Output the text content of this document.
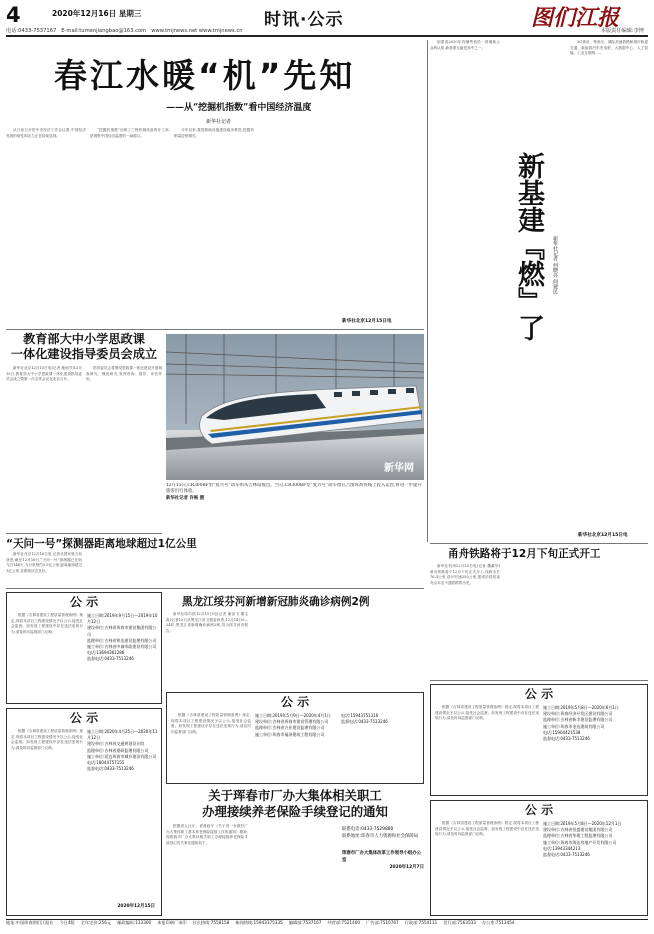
4	2020年12月16日 星期三	时讯·公示	图们江报
电话:0433-7537167 E-mail:tumenjiangbao@163.com www.tmjnews.net www.tmjnews.cn	本版责任编辑:李博
春江水暖“机”先知
——从“挖掘机指数”看中国经济温度
新华社记者
从日前召开的中央经济工作会议看,中国经济发展的韧性和活力正在持续显现。
“挖掘机指数”反映了工程机械设备的开工率,是观察中国经济温度的一扇窗口。
今年以来,我国基础设施建设稳步推进,挖掘机销量逆势增长。
新华社北京12月15日电
如果说2020年有哪些词语一再刷新公众的认知,新基建无疑是其中之一。
5G基站、特高压、城际高速铁路和城市轨道交通、新能源汽车充电桩、大数据中心、人工智能、工业互联网……
新基建『燃』了	新华社记者 何晓亮 何建民
新华社北京12月15日电
教育部大中小学思政课
一体化建设指导委员会成立
新华社北京12月15日电(记者 施雨岑)12月15日,教育部大中小学思政课一体化建设指导委员会成立暨第一次全体会议在北京召开。
指导委员会将围绕思政课一体化建设开展调查研究、理论研究,发挥咨询、指导、评估作用。
“天问一号”探测器距离地球超过1亿公里
新华社北京12月16日电 记者从国家航天局获悉,截至12月16日,“天问一号”探测器已在轨飞行146天,飞行里程约3.5亿公里,距离地球超过1亿公里,各系统状态良好。
新华网
12月15日,CR300BF型“复兴号”动车组从吉林站驶出。当日,CR300BF型“复兴号”动车组在吉图珲高铁线上投入运营,将进一步提升旅客出行体验。
新华社记者 许畅 摄
黑龙江绥芬河新增新冠肺炎确诊病例2例
新华社哈尔滨12月15日电(记者 谢剑飞 董宝森)记者15日从黑龙江省卫健委获悉,12月14日0—24时,黑龙江省新增确诊病例2例,均为绥芬河市报告。
甬舟铁路将于12月下旬正式开工
新华社杭州12月15日电(记者 魏董华)甬舟铁路将于12月下旬正式开工,线路全长76.4公里,设计时速250公里,建成后将结束舟山本岛不通铁路的历史。
公 示
根据《吉林省建设工程质量管理条例》规定,现将本项目工程建设情况予以公示,接受社会监督。如发现工程建设中存在违法违规行为,请及时向监督部门反映。
施工日期:2019年9月15日—2019年10月12日
建设单位:吉林省珲春市建设集团有限公司
监理单位:吉林省和达建设监理有限公司
施工单位:吉林省中诚市政建设有限公司
电话:13694361286
监督电话:0433-7513246
公 示
根据《吉林省建设工程质量管理条例》规定,现将本项目工程建设情况予以公示,接受社会监督。如发现工程建设中存在违法违规行为,请及时向监督部门反映。
施工日期:2020年4月25日—2020年11月12日
建设单位:吉林省交通规划设计院
监理单位:吉林省建研监理有限公司
施工单位:延边珲春市城乡建设有限公司
电话:18044757155
监督电话:0433-7513246
2020年12月15日
公 示
根据《吉林省建设工程质量管理条例》规定,现将本项目工程建设情况予以公示,接受社会监督。如发现工程建设中存在违法违规行为,请及时向监督部门反映。
施工日期:2019年5月9日—2020年4月1日
建设单位:吉林省珲春市建设管理有限公司
监理单位:吉林省兴业建设监理有限公司
施工单位:珲春市福泽建筑工程有限公司
电话:15943751316
监督电话:0433-7513246
公 示
根据《吉林省建设工程质量管理条例》规定,现将本项目工程建设情况予以公示,接受社会监督。如发现工程建设中存在违法违规行为,请及时向监督部门反映。
施工日期:2019年5月8日—2020年6月1日
建设单位:珲春经济开发区建设有限公司
监理单位:吉林省新丰建设监理有限公司
施工单位:珲春市金达建筑有限公司
电话:15904421538
监督电话:0433-7513246
公 示
根据《吉林省建设工程质量管理条例》规定,现将本项目工程建设情况予以公示,接受社会监督。如发现工程建设中存在违法违规行为,请及时向监督部门反映。
施工日期:2019年5月8日—2020年12月1日
建设单位:吉林省恒盛建设集团有限公司
监理单位:吉林省华建工程监理有限公司
施工单位:珲春市海达房地产开发有限公司
电话:13943344213
监督电话:0433-7513246
关于珲春市厂办大集体相关职工
办理接续养老保险手续登记的通知
根据省人社厅、省财政厅《关于进一步做好厂办大集体职工基本养老保险接续工作的通知》精神,现将我市厂办大集体相关职工办理接续养老保险手续登记有关事宜通知如下。
联系电话:0433-7529880
联系地址:珲春市人力资源和社会保障局
珲春市厂办大集体改革工作领导小组办公室
2020年12月7日
地址:中国珲春图们江报社 今日4版 全年定价:256元 邮政编码:133300 本报印刷厂承印 社长热线:7558158 新闻热线:15943375335 编辑部:7537167 经营部:7521400 广告部:7510767 行政部:7554111 发行部:7563533 办公室:7513454
